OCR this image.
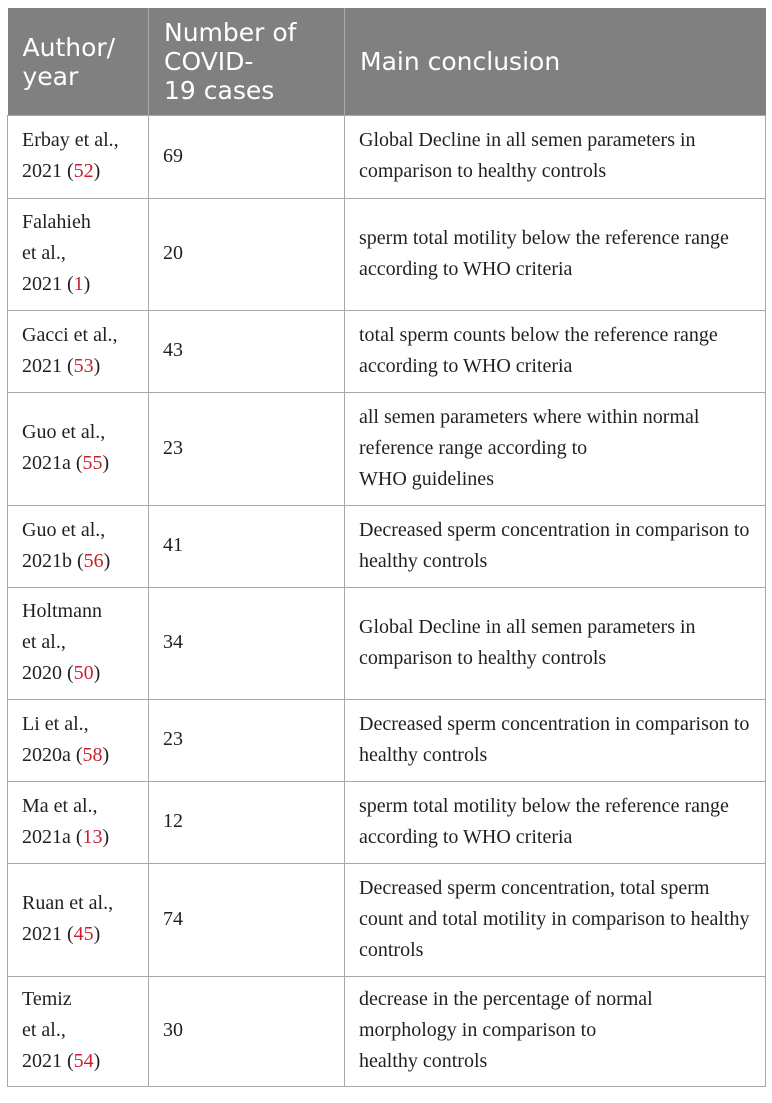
Author/
year	Number of
COVID-
19 cases	Main conclusion
Erbay et al.,
2021 (52)	69	Global Decline in all semen parameters in comparison to healthy controls
Falahieh
et al.,
2021 (1)	20	sperm total motility below the reference range according to WHO criteria
Gacci et al.,
2021 (53)	43	total sperm counts below the reference range according to WHO criteria
Guo et al.,
2021a (55)	23	all semen parameters where within normal reference range according to
WHO guidelines
Guo et al.,
2021b (56)	41	Decreased sperm concentration in comparison to healthy controls
Holtmann
et al.,
2020 (50)	34	Global Decline in all semen parameters in comparison to healthy controls
Li et al.,
2020a (58)	23	Decreased sperm concentration in comparison to healthy controls
Ma et al.,
2021a (13)	12	sperm total motility below the reference range according to WHO criteria
Ruan et al.,
2021 (45)	74	Decreased sperm concentration, total sperm count and total motility in comparison to healthy controls
Temiz
et al.,
2021 (54)	30	decrease in the percentage of normal morphology in comparison to
healthy controls
